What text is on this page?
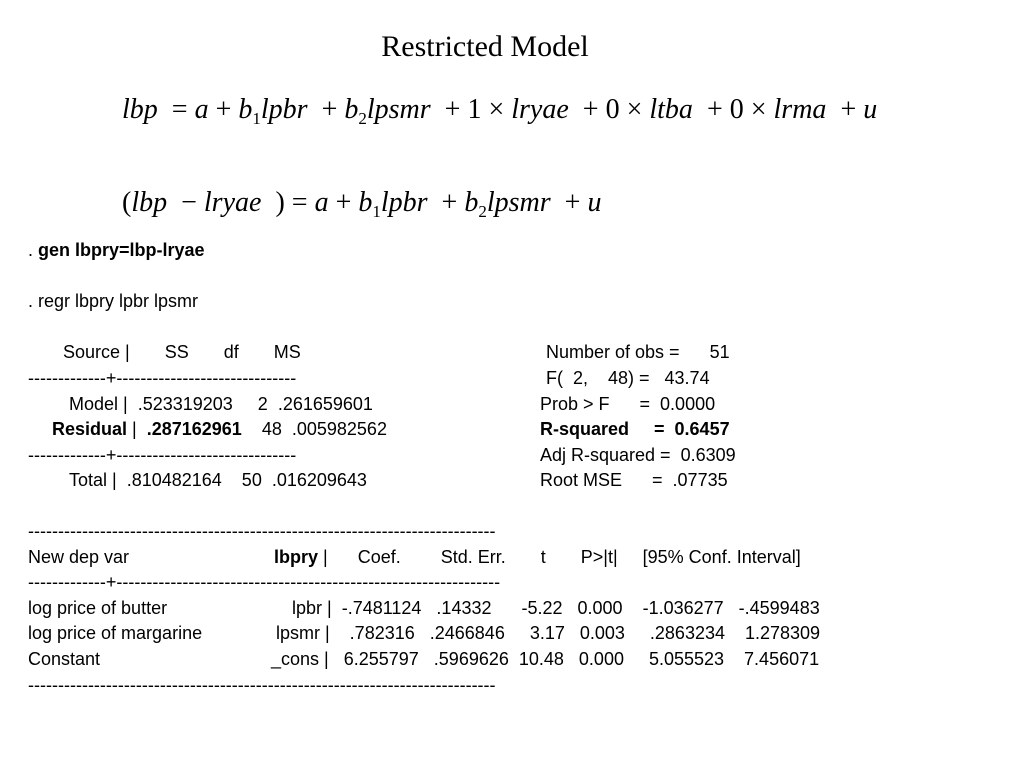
Restricted Model
lbp = $a + b_1lpbr$ + $b_2lpsmr + 1$ × lryae + 0 × ltba + 0 × lrma + u
(lbp − lryae ) = $a + b_1lpbr$ + $b_2lpsmr + u$
. gen lbpry=lbp-lryae
. regr lbpry lpbr lpsmr
Source |       SS       df       MS
-------------+------------------------------
Model |  .523319203     2  .261659601
Residual |  .287162961    48  .005982562
-------------+------------------------------
Total |  .810482164    50  .016209643
Number of obs =      51
F(  2,    48) =   43.74
Prob > F      =  0.0000
R-squared     =  0.6457
Adj R-squared =  0.6309
Root MSE      =  .07735
------------------------------------------------------------------------------
New dep var	lbpry |      Coef.        Std. Err.       t       P>|t|     [95% Conf. Interval]
-------------+----------------------------------------------------------------
log price of butter	lpbr |  -.7481124   .14332      -5.22   0.000    -1.036277   -.4599483
log price of margarine	lpsmr |    .782316   .2466846     3.17   0.003     .2863234    1.278309
Constant	_cons |   6.255797   .5969626  10.48   0.000     5.055523    7.456071
------------------------------------------------------------------------------
